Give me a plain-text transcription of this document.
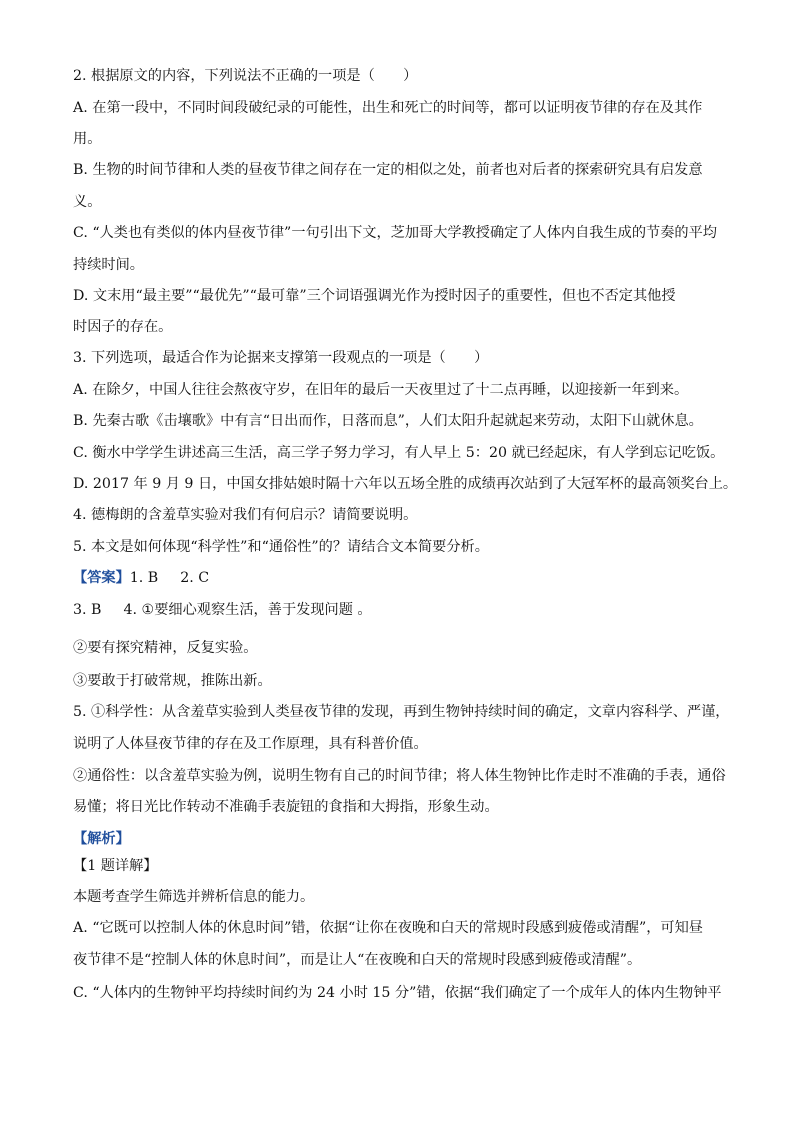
2. 根据原文的内容，下列说法不正确的一项是（　　）
A. 在第一段中，不同时间段破纪录的可能性，出生和死亡的时间等，都可以证明夜节律的存在及其作
用。
B. 生物的时间节律和人类的昼夜节律之间存在一定的相似之处，前者也对后者的探索研究具有启发意
义。
C. “人类也有类似的体内昼夜节律”一句引出下文，芝加哥大学教授确定了人体内自我生成的节奏的平均
持续时间。
D. 文末用“最主要”“最优先”“最可靠”三个词语强调光作为授时因子的重要性，但也不否定其他授
时因子的存在。
3. 下列选项，最适合作为论据来支撑第一段观点的一项是（　　）
A. 在除夕，中国人往往会熬夜守岁，在旧年的最后一天夜里过了十二点再睡，以迎接新一年到来。
B. 先秦古歌《击壤歌》中有言“日出而作，日落而息”，人们太阳升起就起来劳动，太阳下山就休息。
C. 衡水中学学生讲述高三生活，高三学子努力学习，有人早上 5：20 就已经起床，有人学到忘记吃饭。
D. 2017 年 9 月 9 日，中国女排姑娘时隔十六年以五场全胜的成绩再次站到了大冠军杯的最高领奖台上。
4. 德梅朗的含羞草实验对我们有何启示？请简要说明。
5. 本文是如何体现“科学性”和“通俗性”的？请结合文本简要分析。
【答案】1. B 2. C
3. B 4. ①要细心观察生活，善于发现问题 。
②要有探究精神，反复实验。
③要敢于打破常规，推陈出新。
5. ①科学性：从含羞草实验到人类昼夜节律的发现，再到生物钟持续时间的确定，文章内容科学、严谨，
说明了人体昼夜节律的存在及工作原理，具有科普价值。
②通俗性：以含羞草实验为例，说明生物有自己的时间节律；将人体生物钟比作走时不准确的手表，通俗
易懂；将日光比作转动不准确手表旋钮的食指和大拇指，形象生动。
【解析】
【1 题详解】
本题考查学生筛选并辨析信息的能力。
A. “它既可以控制人体的休息时间”错，依据“让你在夜晚和白天的常规时段感到疲倦或清醒”，可知昼
夜节律不是“控制人体的休息时间”，而是让人“在夜晚和白天的常规时段感到疲倦或清醒”。
C. “人体内的生物钟平均持续时间约为 24 小时 15 分”错，依据“我们确定了一个成年人的体内生物钟平
